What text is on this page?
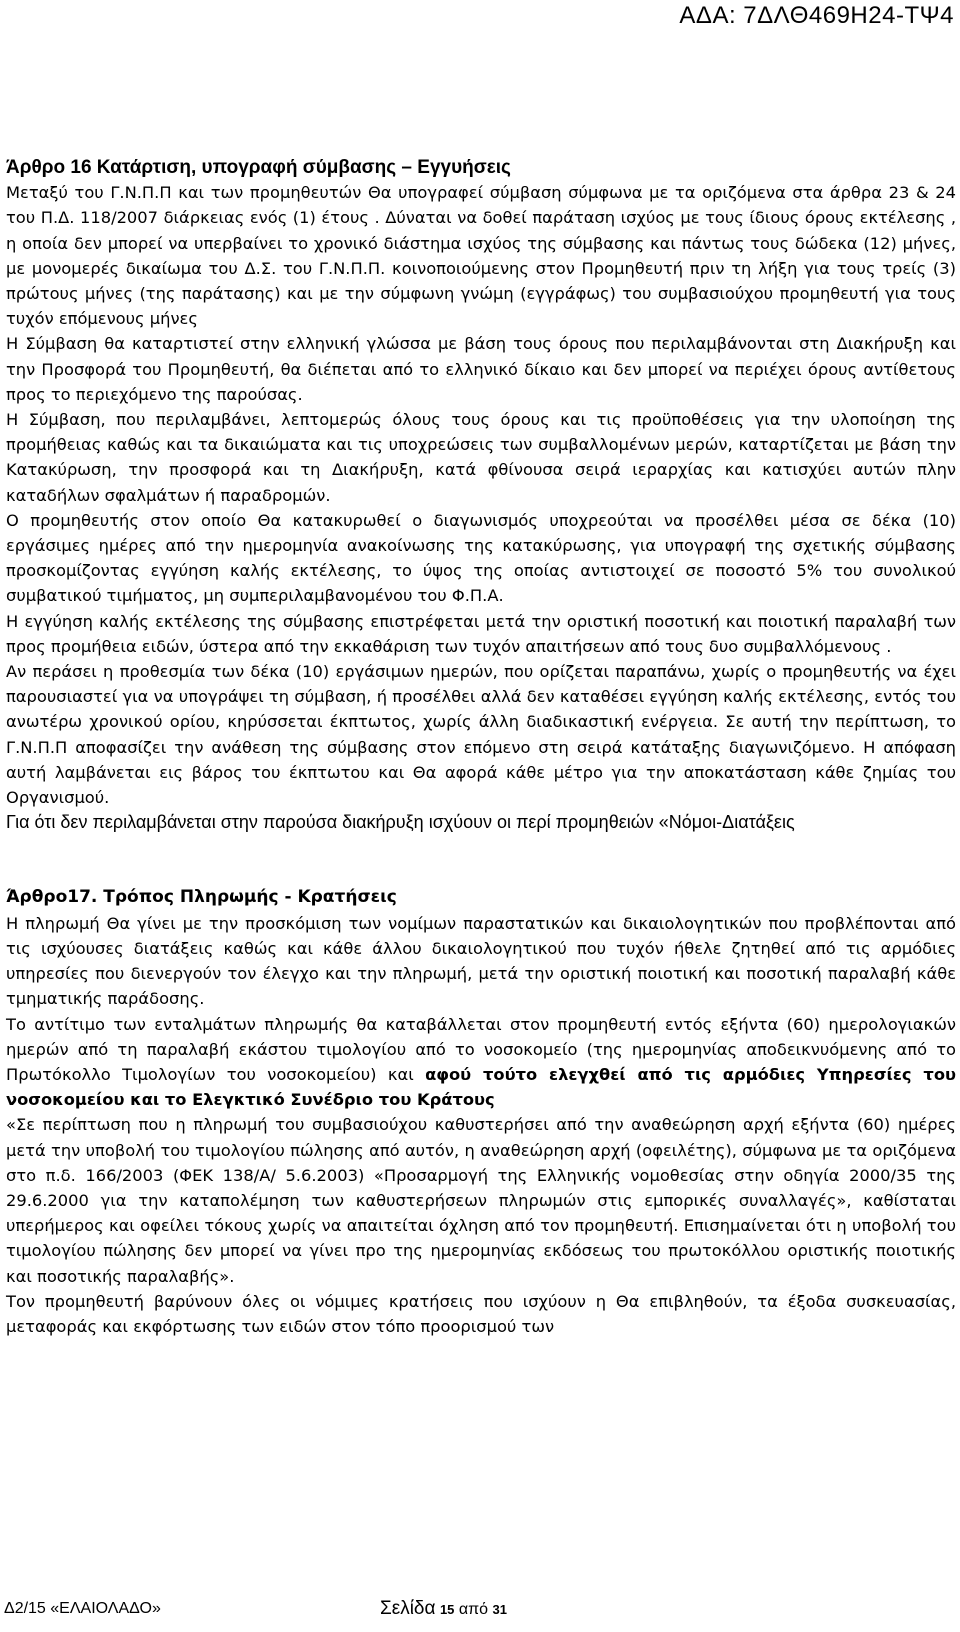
ΑΔΑ: 7ΔΛΘ469Η24-ΤΨ4

Άρθρο 16 Κατάρτιση, υπογραφή σύμβασης – Εγγυήσεις

Μεταξύ του Γ.Ν.Π.Π και των προμηθευτών Θα υπογραφεί σύμβαση σύμφωνα με τα οριζόμενα στα άρθρα 23 & 24 του Π.Δ. 118/2007 διάρκειας ενός (1) έτους . Δύναται να δοθεί παράταση ισχύος με τους ίδιους όρους εκτέλεσης , η οποία δεν μπορεί να υπερβαίνει το χρονικό διάστημα ισχύος της σύμβασης και πάντως τους δώδεκα (12) μήνες, με μονομερές δικαίωμα του Δ.Σ. του Γ.Ν.Π.Π. κοινοποιούμενης στον Προμηθευτή πριν τη λήξη για τους τρείς (3) πρώτους μήνες (της παράτασης) και με την σύμφωνη γνώμη (εγγράφως) του συμβασιούχου προμηθευτή για τους τυχόν επόμενους μήνες

Η Σύμβαση θα καταρτιστεί στην ελληνική γλώσσα με βάση τους όρους που περιλαμβάνονται στη Διακήρυξη και την Προσφορά του Προμηθευτή, θα διέπεται από το ελληνικό δίκαιο και δεν μπορεί να περιέχει όρους αντίθετους προς το περιεχόμενο της παρούσας.

Η Σύμβαση, που περιλαμβάνει, λεπτομερώς όλους τους όρους και τις προϋποθέσεις για την υλοποίηση της προμήθειας καθώς και τα δικαιώματα και τις υποχρεώσεις των συμβαλλομένων μερών, καταρτίζεται με βάση την Κατακύρωση, την προσφορά και τη Διακήρυξη, κατά φθίνουσα σειρά ιεραρχίας και κατισχύει αυτών πλην καταδήλων σφαλμάτων ή παραδρομών.

Ο προμηθευτής στον οποίο Θα κατακυρωθεί ο διαγωνισμός υποχρεούται να προσέλθει μέσα σε δέκα (10) εργάσιμες ημέρες από την ημερομηνία ανακοίνωσης της κατακύρωσης, για υπογραφή της σχετικής σύμβασης προσκομίζοντας εγγύηση καλής εκτέλεσης, το ύψος της οποίας αντιστοιχεί σε ποσοστό 5% του συνολικού συμβατικού τιμήματος, μη συμπεριλαμβανομένου του Φ.Π.Α.

Η εγγύηση καλής εκτέλεσης της σύμβασης επιστρέφεται μετά την οριστική ποσοτική και ποιοτική παραλαβή των προς προμήθεια ειδών, ύστερα από την εκκαθάριση των τυχόν απαιτήσεων από τους δυο συμβαλλόμενους .

Αν περάσει η προθεσμία των δέκα (10) εργάσιμων ημερών, που ορίζεται παραπάνω, χωρίς ο προμηθευτής να έχει παρουσιαστεί για να υπογράψει τη σύμβαση, ή προσέλθει αλλά δεν καταθέσει εγγύηση καλής εκτέλεσης, εντός του ανωτέρω χρονικού ορίου, κηρύσσεται έκπτωτος, χωρίς άλλη διαδικαστική ενέργεια. Σε αυτή την περίπτωση, το Γ.Ν.Π.Π αποφασίζει την ανάθεση της σύμβασης στον επόμενο στη σειρά κατάταξης διαγωνιζόμενο. Η απόφαση αυτή λαμβάνεται εις βάρος του έκπτωτου και Θα αφορά κάθε μέτρο για την αποκατάσταση κάθε ζημίας του Οργανισμού.

Για ότι δεν περιλαμβάνεται στην παρούσα διακήρυξη ισχύουν οι περί προμηθειών «Νόμοι-Διατάξεις

Άρθρο17. Τρόπος Πληρωμής - Κρατήσεις

Η πληρωμή Θα γίνει με την προσκόμιση των νομίμων παραστατικών και δικαιολογητικών που προβλέπονται από τις ισχύουσες διατάξεις καθώς και κάθε άλλου δικαιολογητικού που τυχόν ήθελε ζητηθεί από τις αρμόδιες υπηρεσίες που διενεργούν τον έλεγχο και την πληρωμή, μετά την οριστική ποιοτική και ποσοτική παραλαβή κάθε τμηματικής παράδοσης.

Το αντίτιμο των ενταλμάτων πληρωμής θα καταβάλλεται στον προμηθευτή εντός εξήντα (60) ημερολογιακών ημερών από τη παραλαβή εκάστου τιμολογίου από το νοσοκομείο (της ημερομηνίας αποδεικνυόμενης από το Πρωτόκολλο Τιμολογίων του νοσοκομείου) και αφού τούτο ελεγχθεί από τις αρμόδιες Υπηρεσίες του νοσοκομείου και το Ελεγκτικό Συνέδριο του Κράτους

«Σε περίπτωση που η πληρωμή του συμβασιούχου καθυστερήσει από την αναθεώρηση αρχή εξήντα (60) ημέρες μετά την υποβολή του τιμολογίου πώλησης από αυτόν, η αναθεώρηση αρχή (οφειλέτης), σύμφωνα με τα οριζόμενα στο π.δ. 166/2003 (ΦΕΚ 138/Α/ 5.6.2003) «Προσαρμογή της Ελληνικής νομοθεσίας στην οδηγία 2000/35 της 29.6.2000 για την καταπολέμηση των καθυστερήσεων πληρωμών στις εμπορικές συναλλαγές», καθίσταται υπερήμερος και οφείλει τόκους χωρίς να απαιτείται όχληση από τον προμηθευτή. Επισημαίνεται ότι η υποβολή του τιμολογίου πώλησης δεν μπορεί να γίνει προ της ημερομηνίας εκδόσεως του πρωτοκόλλου οριστικής ποιοτικής και ποσοτικής παραλαβής».

Τον προμηθευτή βαρύνουν όλες οι νόμιμες κρατήσεις που ισχύουν η Θα επιβληθούν, τα έξοδα συσκευασίας, μεταφοράς και εκφόρτωσης των ειδών στον τόπο προορισμού των

Δ2/15 «ΕΛΑΙΟΛΑΔΟ»	Σελίδα 15 από 31
